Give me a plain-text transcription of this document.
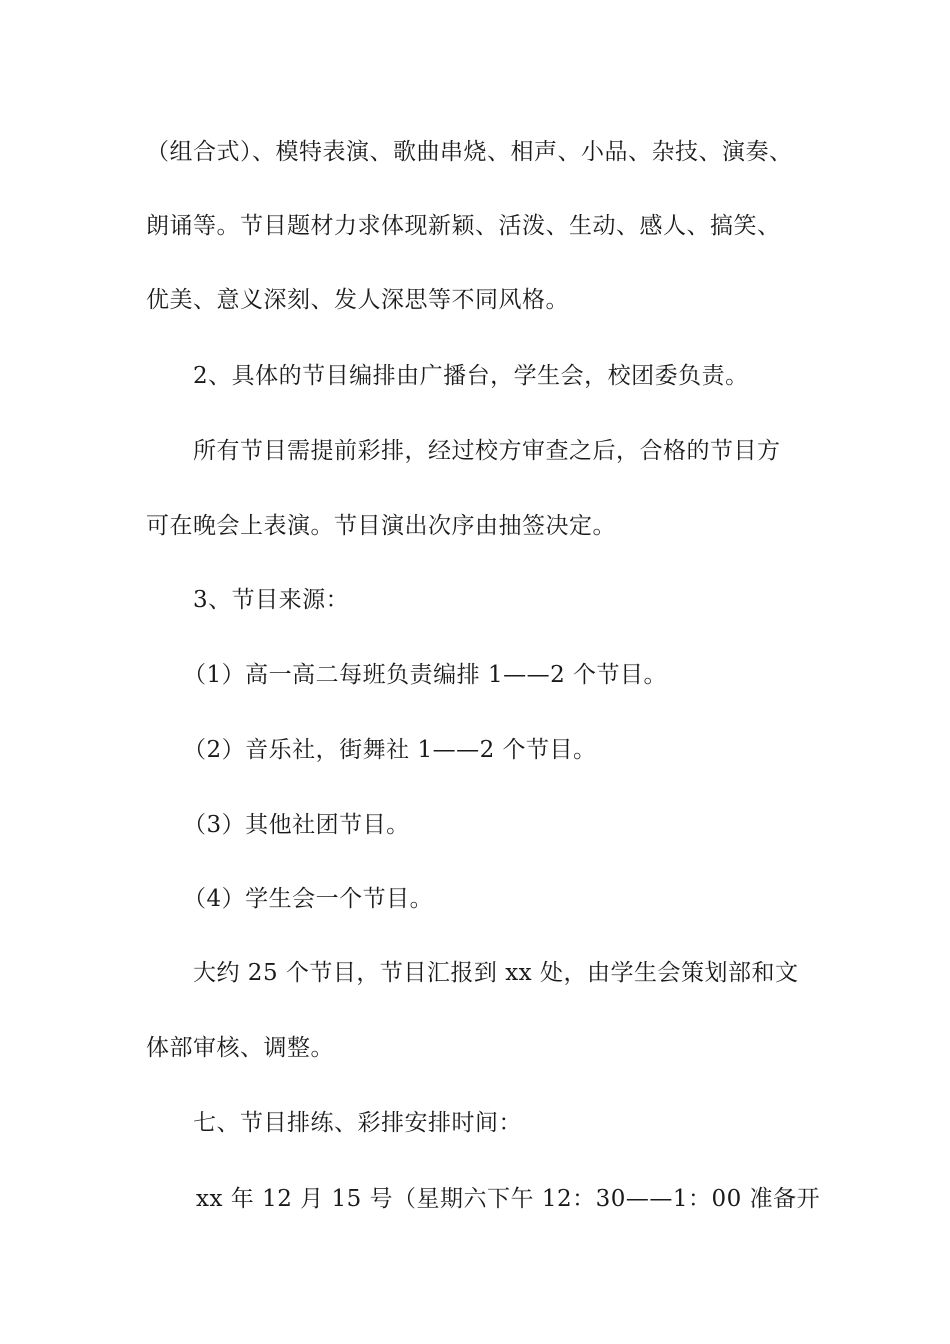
（组合式）、模特表演、歌曲串烧、相声、小品、杂技、演奏、
朗诵等。节目题材力求体现新颖、活泼、生动、感人、搞笑、
优美、意义深刻、发人深思等不同风格。
2、具体的节目编排由广播台，学生会，校团委负责。
所有节目需提前彩排，经过校方审查之后，合格的节目方
可在晚会上表演。节目演出次序由抽签决定。
3、节目来源：
（1）高一高二每班负责编排 1——2 个节目。
（2）音乐社，街舞社 1——2 个节目。
（3）其他社团节目。
（4）学生会一个节目。
大约 25 个节目，节目汇报到 xx 处，由学生会策划部和文
体部审核、调整。
七、节目排练、彩排安排时间：
xx 年 12 月 15 号（星期六下午 12：30——1：00 准备开
